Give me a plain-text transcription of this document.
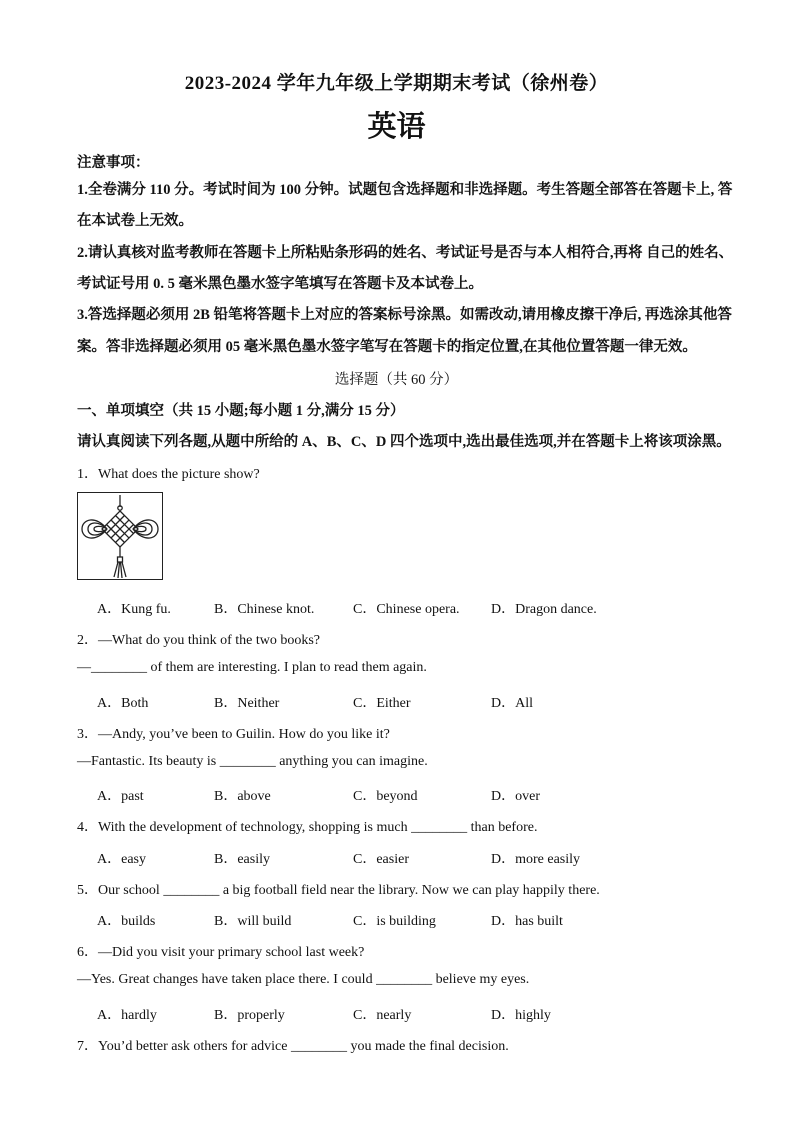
2023-2024 学年九年级上学期期末考试（徐州卷）
英语
注意事项：
1.全卷满分 110 分。考试时间为 100 分钟。试题包含选择题和非选择题。考生答题全部答在答题卡上, 答
在本试卷上无效。
2.请认真核对监考教师在答题卡上所粘贴条形码的姓名、考试证号是否与本人相符合,再将 自己的姓名、
考试证号用 0. 5 毫米黑色墨水签字笔填写在答题卡及本试卷上。
3.答选择题必须用 2B 铅笔将答题卡上对应的答案标号涂黑。如需改动,请用橡皮擦干净后, 再选涂其他答
案。答非选择题必须用 05 毫米黑色墨水签字笔写在答题卡的指定位置,在其他位置答题一律无效。
选择题（共 60 分）
一、单项填空（共 15 小题;每小题 1 分,满分 15 分）
请认真阅读下列各题,从题中所给的 A、B、C、D 四个选项中,选出最佳选项,并在答题卡上将该项涂黑。
1．What does the picture show?
A．Kung fu.	B．Chinese knot.	C．Chinese opera. D．Dragon dance.
2．—What do you think of the two books?
—________ of them are interesting. I plan to read them again.
A．Both	B．Neither	C．Either	D．All
3．—Andy, you’ve been to Guilin. How do you like it?
—Fantastic. Its beauty is ________ anything you can imagine.
A．past	B．above	C．beyond	D．over
4．With the development of technology, shopping is much ________ than before.
A．easy	B．easily	C．easier	D．more easily
5．Our school ________ a big football field near the library. Now we can play happily there.
A．builds	B．will build	C．is building	D．has built
6．—Did you visit your primary school last week?
—Yes. Great changes have taken place there. I could ________ believe my eyes.
A．hardly	B．properly	C．nearly	D．highly
7．You’d better ask others for advice ________ you made the final decision.
